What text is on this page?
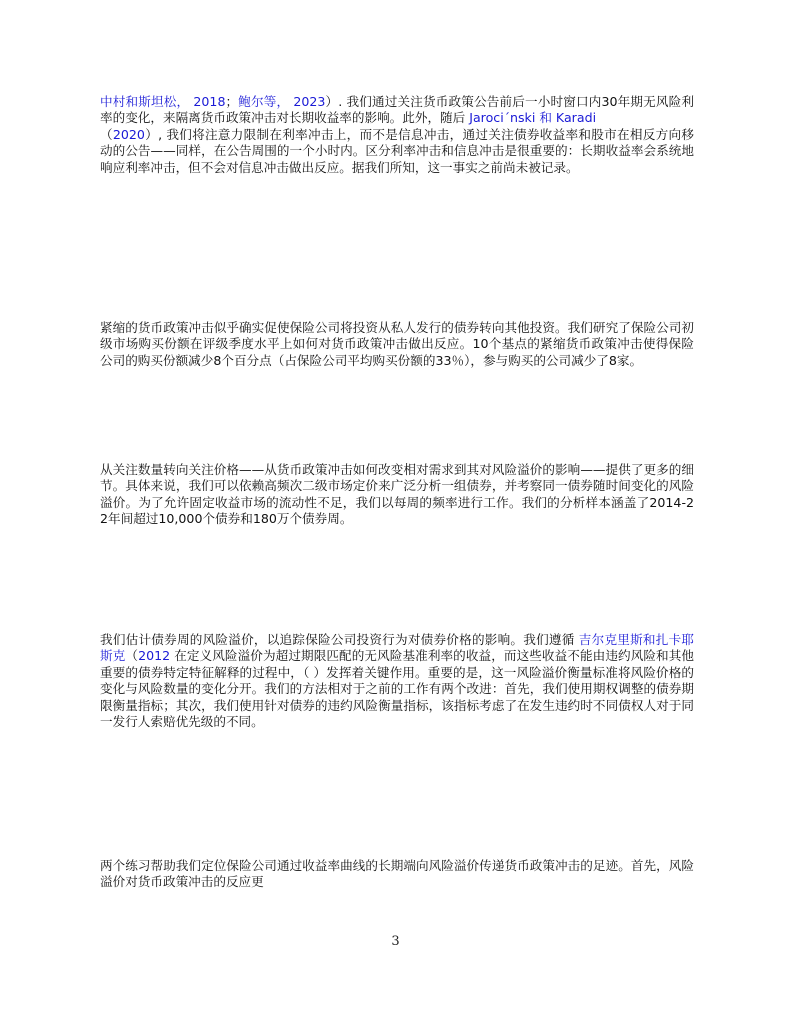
中村和斯坦松， 2018；鲍尔等， 2023）. 我们通过关注货币政策公告前后一小时窗口内30年期无风险利率的变化，来隔离货币政策冲击对长期收益率的影响。此外，随后 Jaroci´nski 和 Karadi
（2020）, 我们将注意力限制在利率冲击上，而不是信息冲击，通过关注债券收益率和股市在相反方向移动的公告——同样，在公告周围的一个小时内。区分利率冲击和信息冲击是很重要的：长期收益率会系统地响应利率冲击，但不会对信息冲击做出反应。据我们所知，这一事实之前尚未被记录。

紧缩的货币政策冲击似乎确实促使保险公司将投资从私人发行的债券转向其他投资。我们研究了保险公司初级市场购买份额在评级季度水平上如何对货币政策冲击做出反应。10个基点的紧缩货币政策冲击使得保险公司的购买份额减少8个百分点（占保险公司平均购买份额的33％），参与购买的公司减少了8家。

从关注数量转向关注价格——从货币政策冲击如何改变相对需求到其对风险溢价的影响——提供了更多的细节。具体来说，我们可以依赖高频次二级市场定价来广泛分析一组债券，并考察同一债券随时间变化的风险溢价。为了允许固定收益市场的流动性不足，我们以每周的频率进行工作。我们的分析样本涵盖了2014-22年间超过10,000个债券和180万个债券周。

我们估计债券周的风险溢价，以追踪保险公司投资行为对债券价格的影响。我们遵循 吉尔克里斯和扎卡耶斯克（2012 在定义风险溢价为超过期限匹配的无风险基准利率的收益，而这些收益不能由违约风险和其他重要的债券特定特征解释的过程中，（ ）发挥着关键作用。重要的是，这一风险溢价衡量标准将风险价格的变化与风险数量的变化分开。我们的方法相对于之前的工作有两个改进：首先，我们使用期权调整的债券期限衡量指标；其次，我们使用针对债券的违约风险衡量指标，该指标考虑了在发生违约时不同债权人对于同一发行人索赔优先级的不同。

两个练习帮助我们定位保险公司通过收益率曲线的长期端向风险溢价传递货币政策冲击的足迹。首先，风险溢价对货币政策冲击的反应更

3
